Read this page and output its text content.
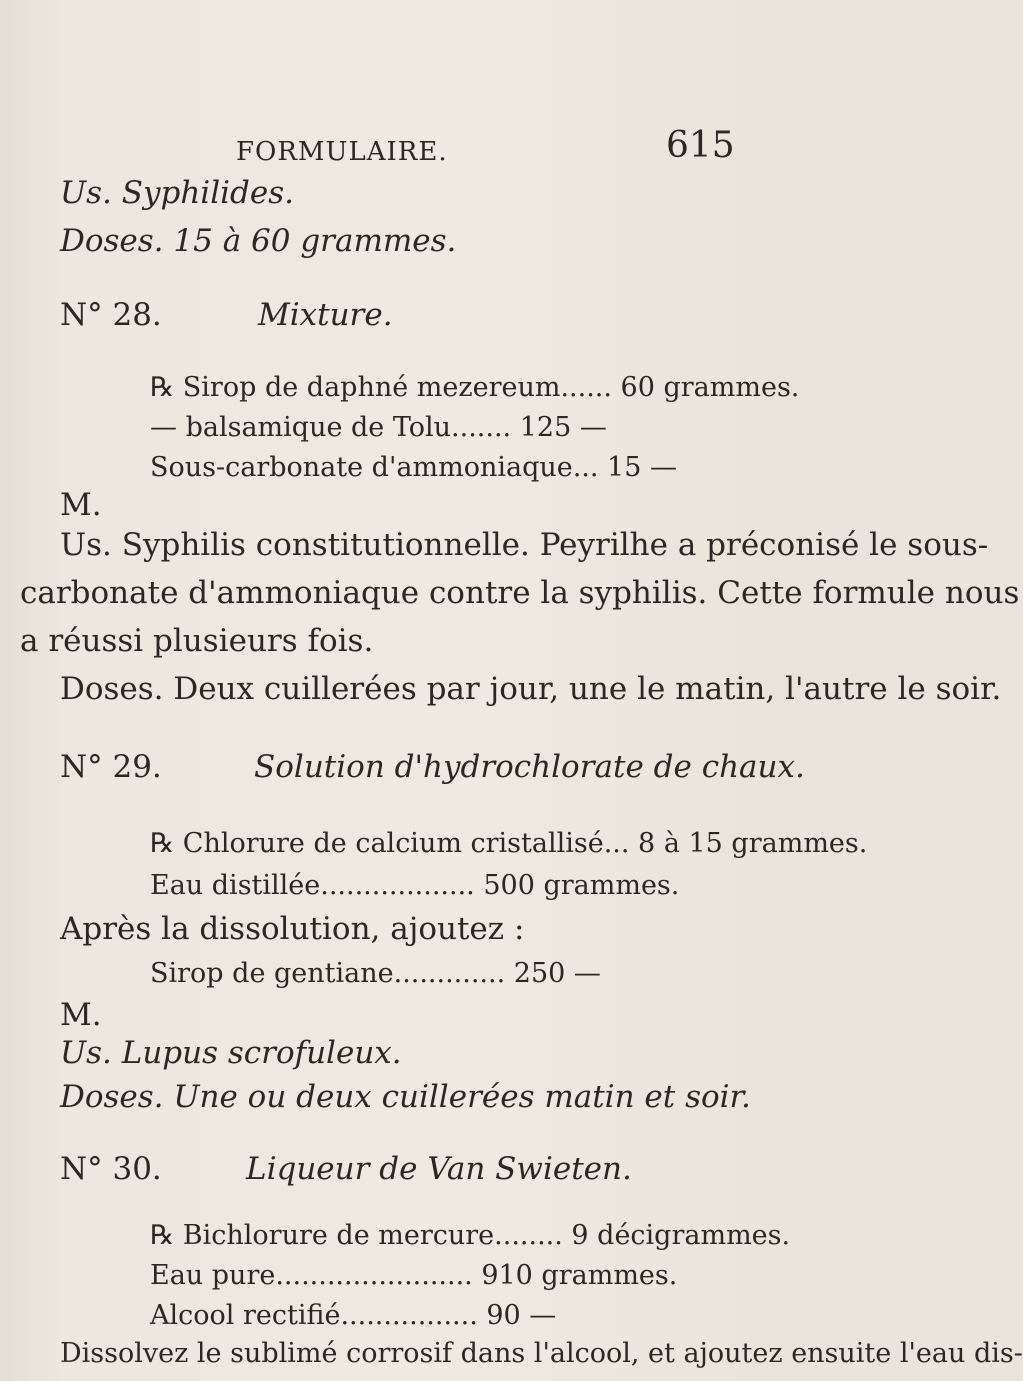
FORMULAIRE.	615
Us. Syphilides.
Doses. 15 à 60 grammes.
N° 28.	Mixture.
℞ Sirop de daphné mezereum...... 60 grammes.
— balsamique de Tolu....... 125 —
Sous-carbonate d'ammoniaque... 15 —
M.
Us. Syphilis constitutionnelle. Peyrilhe a préconisé le sous-
carbonate d'ammoniaque contre la syphilis. Cette formule nous
a réussi plusieurs fois.
Doses. Deux cuillerées par jour, une le matin, l'autre le soir.
N° 29.	Solution d'hydrochlorate de chaux.
℞ Chlorure de calcium cristallisé... 8 à 15 grammes.
Eau distillée.................. 500 grammes.
Après la dissolution, ajoutez :
Sirop de gentiane............. 250 —
M.
Us. Lupus scrofuleux.
Doses. Une ou deux cuillerées matin et soir.
N° 30.	Liqueur de Van Swieten.
℞ Bichlorure de mercure........ 9 décigrammes.
Eau pure....................... 910 grammes.
Alcool rectifié................ 90 —
Dissolvez le sublimé corrosif dans l'alcool, et ajoutez ensuite l'eau dis-
